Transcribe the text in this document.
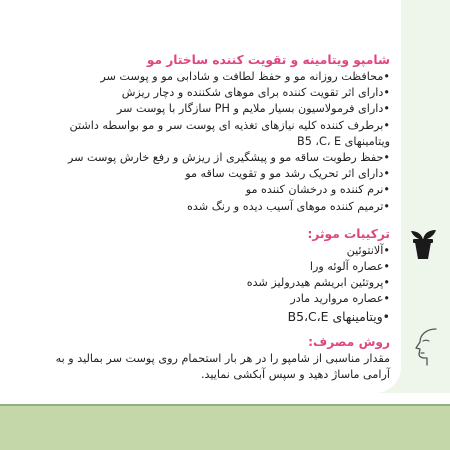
شامپو ویتامینه و تقویت کننده ساختار مو

•محافظت روزانه مو و حفظ لطافت و شادابی مو و پوست سر
•دارای اثر تقویت کننده برای موهای شکننده و دچار ریزش
•دارای فرمولاسیون بسیار ملایم و PH سازگار با پوست سر
•برطرف کننده کلیه نیازهای تغذیه ای پوست سر و مو بواسطه داشتن
ویتامینهای B5 ،C، E
•حفظ رطوبت ساقه مو و پیشگیری از ریزش و رفع خارش پوست سر
•دارای اثر تحریک رشد مو و تقویت ساقه مو
•نرم کننده و درخشان کننده مو
•ترمیم کننده موهای آسیب دیده و رنگ شده

ترکیبات موثر:

•آلانتوئین
•عصاره آلوئه ورا
•پروتئین ابریشم هیدرولیز شده
•عصاره مروارید مادر
•ویتامینهای B5،C،E

روش مصرف:

مقدار مناسبی از شامپو را در هر بار استحمام روی پوست سر بمالید و به آرامی ماساژ دهید و سپس آبکشی نمایید.
